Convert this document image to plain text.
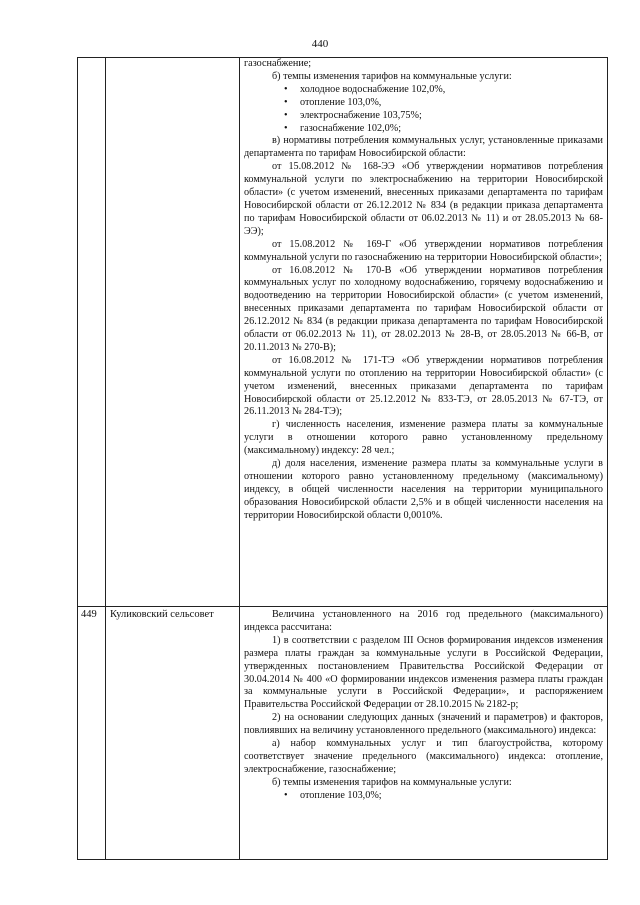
440

газоснабжение;

б) темпы изменения тарифов на коммунальные услуги:

• холодное водоснабжение 102,0%,
• отопление 103,0%,
• электроснабжение 103,75%;
• газоснабжение 102,0%;

в) нормативы потребления коммунальных услуг, установленные приказами департамента по тарифам Новосибирской области:

от 15.08.2012 № 168-ЭЭ «Об утверждении нормативов потребления коммунальной услуги по электроснабжению на территории Новосибирской области» (с учетом изменений, внесенных приказами департамента по тарифам Новосибирской области от 26.12.2012 № 834 (в редакции приказа департамента по тарифам Новосибирской области от 06.02.2013 № 11) и от 28.05.2013 № 68-ЭЭ);

от 15.08.2012 № 169-Г «Об утверждении нормативов потребления коммунальной услуги по газоснабжению на территории Новосибирской области»;

от 16.08.2012 № 170-В «Об утверждении нормативов потребления коммунальных услуг по холодному водоснабжению, горячему водоснабжению и водоотведению на территории Новосибирской области» (с учетом изменений, внесенных приказами департамента по тарифам Новосибирской области от 26.12.2012 № 834 (в редакции приказа департамента по тарифам Новосибирской области от 06.02.2013 № 11), от 28.02.2013 № 28-В, от 28.05.2013 № 66-В, от 20.11.2013 № 270-В);

от 16.08.2012 № 171-ТЭ «Об утверждении нормативов потребления коммунальной услуги по отоплению на территории Новосибирской области» (с учетом изменений, внесенных приказами департамента по тарифам Новосибирской области от 25.12.2012 № 833-ТЭ, от 28.05.2013 № 67-ТЭ, от 26.11.2013 № 284-ТЭ);

г) численность населения, изменение размера платы за коммунальные услуги в отношении которого равно установленному предельному (максимальному) индексу: 28 чел.;

д) доля населения, изменение размера платы за коммунальные услуги в отношении которого равно установленному предельному (максимальному) индексу, в общей численности населения на территории муниципального образования Новосибирской области 2,5% и в общей численности населения на территории Новосибирской области 0,0010%.

449	Куликовский сельсовет	Величина установленного на 2016 год предельного (максимального) индекса рассчитана:

1) в соответствии с разделом III Основ формирования индексов изменения размера платы граждан за коммунальные услуги в Российской Федерации, утвержденных постановлением Правительства Российской Федерации от 30.04.2014 № 400 «О формировании индексов изменения размера платы граждан за коммунальные услуги в Российской Федерации», и распоряжением Правительства Российской Федерации от 28.10.2015 № 2182-р;

2) на основании следующих данных (значений и параметров) и факторов, повлиявших на величину установленного предельного (максимального) индекса:

а) набор коммунальных услуг и тип благоустройства, которому соответствует значение предельного (максимального) индекса: отопление, электроснабжение, газоснабжение;

б) темпы изменения тарифов на коммунальные услуги:

• отопление 103,0%;
